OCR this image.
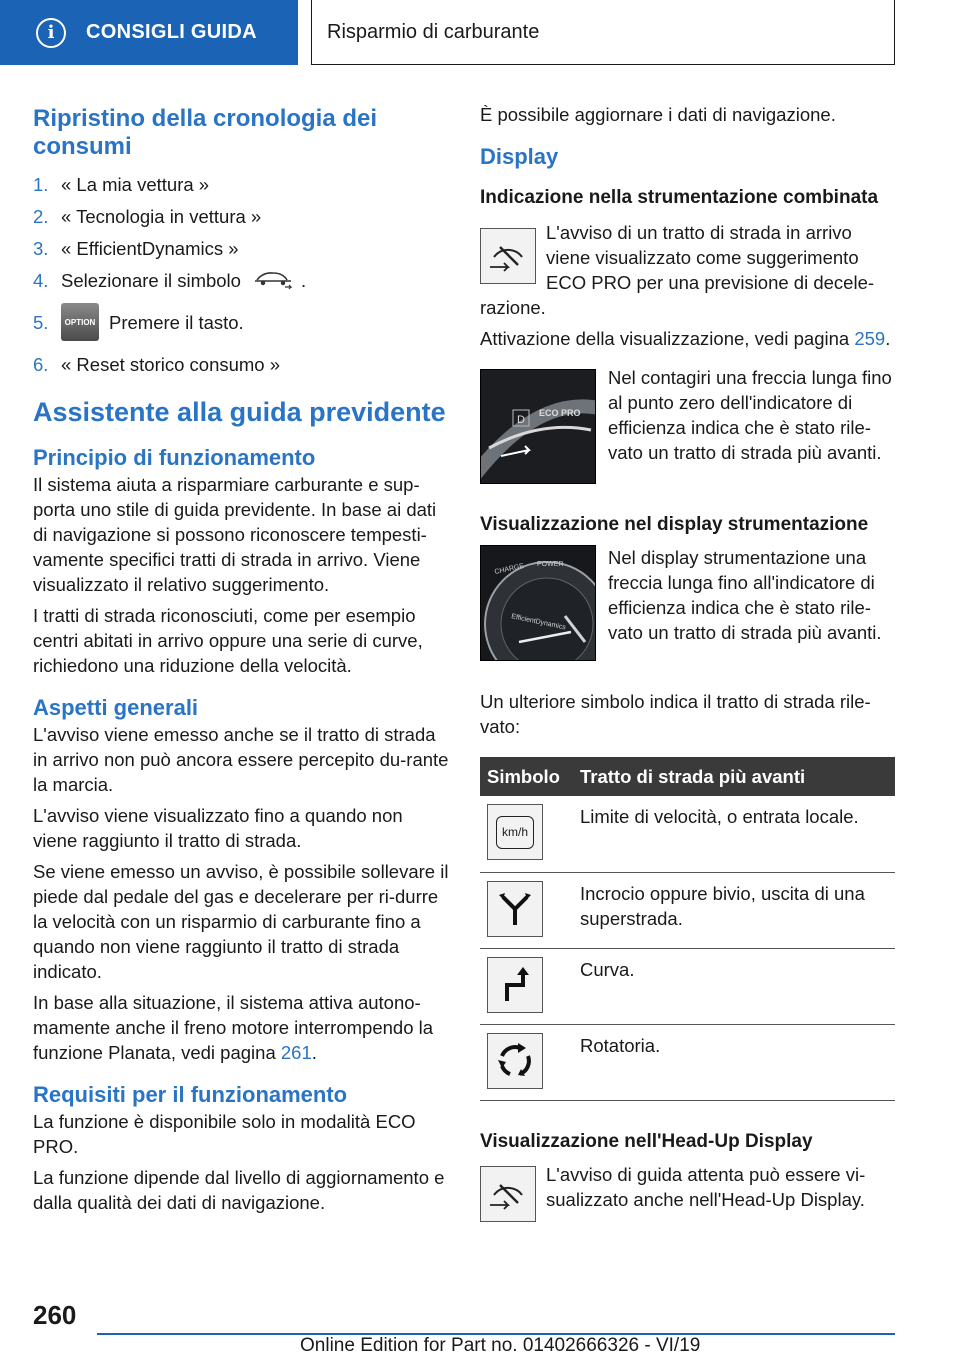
i	CONSIGLI GUIDA	Risparmio di carburante
Ripristino della cronologia dei consumi
1. « La mia vettura »
2. « Tecnologia in vettura »
3. « EfficientDynamics »
4. Selezionare il simbolo	.
5.	OPTION Premere il tasto.
6. « Reset storico consumo »
Assistente alla guida previdente
Principio di funzionamento

Il sistema aiuta a risparmiare carburante e sup-porta uno stile di guida previdente. In base ai dati di navigazione si possono riconoscere tempesti-vamente specifici tratti di strada in arrivo. Viene visualizzato il relativo suggerimento.

I tratti di strada riconosciuti, come per esempio centri abitati in arrivo oppure una serie di curve, richiedono una riduzione della velocità.

Aspetti generali

L'avviso viene emesso anche se il tratto di strada in arrivo non può ancora essere percepito du-rante la marcia.

L'avviso viene visualizzato fino a quando non viene raggiunto il tratto di strada.

Se viene emesso un avviso, è possibile sollevare il piede dal pedale del gas e decelerare per ri-durre la velocità con un risparmio di carburante fino a quando non viene raggiunto il tratto di strada indicato.

In base alla situazione, il sistema attiva autono-mamente anche il freno motore interrompendo la funzione Planata, vedi pagina 261.

Requisiti per il funzionamento

La funzione è disponibile solo in modalità ECO PRO.

La funzione dipende dal livello di aggiornamento e dalla qualità dei dati di navigazione.

È possibile aggiornare i dati di navigazione.

Display
Indicazione nella strumentazione combinata

L'avviso di un tratto di strada in arrivo viene visualizzato come suggerimento ECO PRO per una previsione di decele-razione.

Attivazione della visualizzazione, vedi pagina 259.

D
ECO PRO

Nel contagiri una freccia lunga fino al punto zero dell'indicatore di efficienza indica che è stato rile-vato un tratto di strada più avanti.

Visualizzazione nel display strumentazione
CHARGE POWER
EfficientDynamics

Nel display strumentazione una freccia lunga fino all'indicatore di efficienza indica che è stato rile-vato un tratto di strada più avanti.

Un ulteriore simbolo indica il tratto di strada rile-vato:

Simbolo	Tratto di strada più avanti

km/h	Limite di velocità, o entrata locale.

	Incrocio oppure bivio, uscita di una superstrada.

	Curva.

	Rotatoria.
Visualizzazione nell'Head-Up Display

L'avviso di guida attenta può essere vi-sualizzato anche nell'Head-Up Display.

260
Online Edition for Part no. 01402666326 - VI/19
